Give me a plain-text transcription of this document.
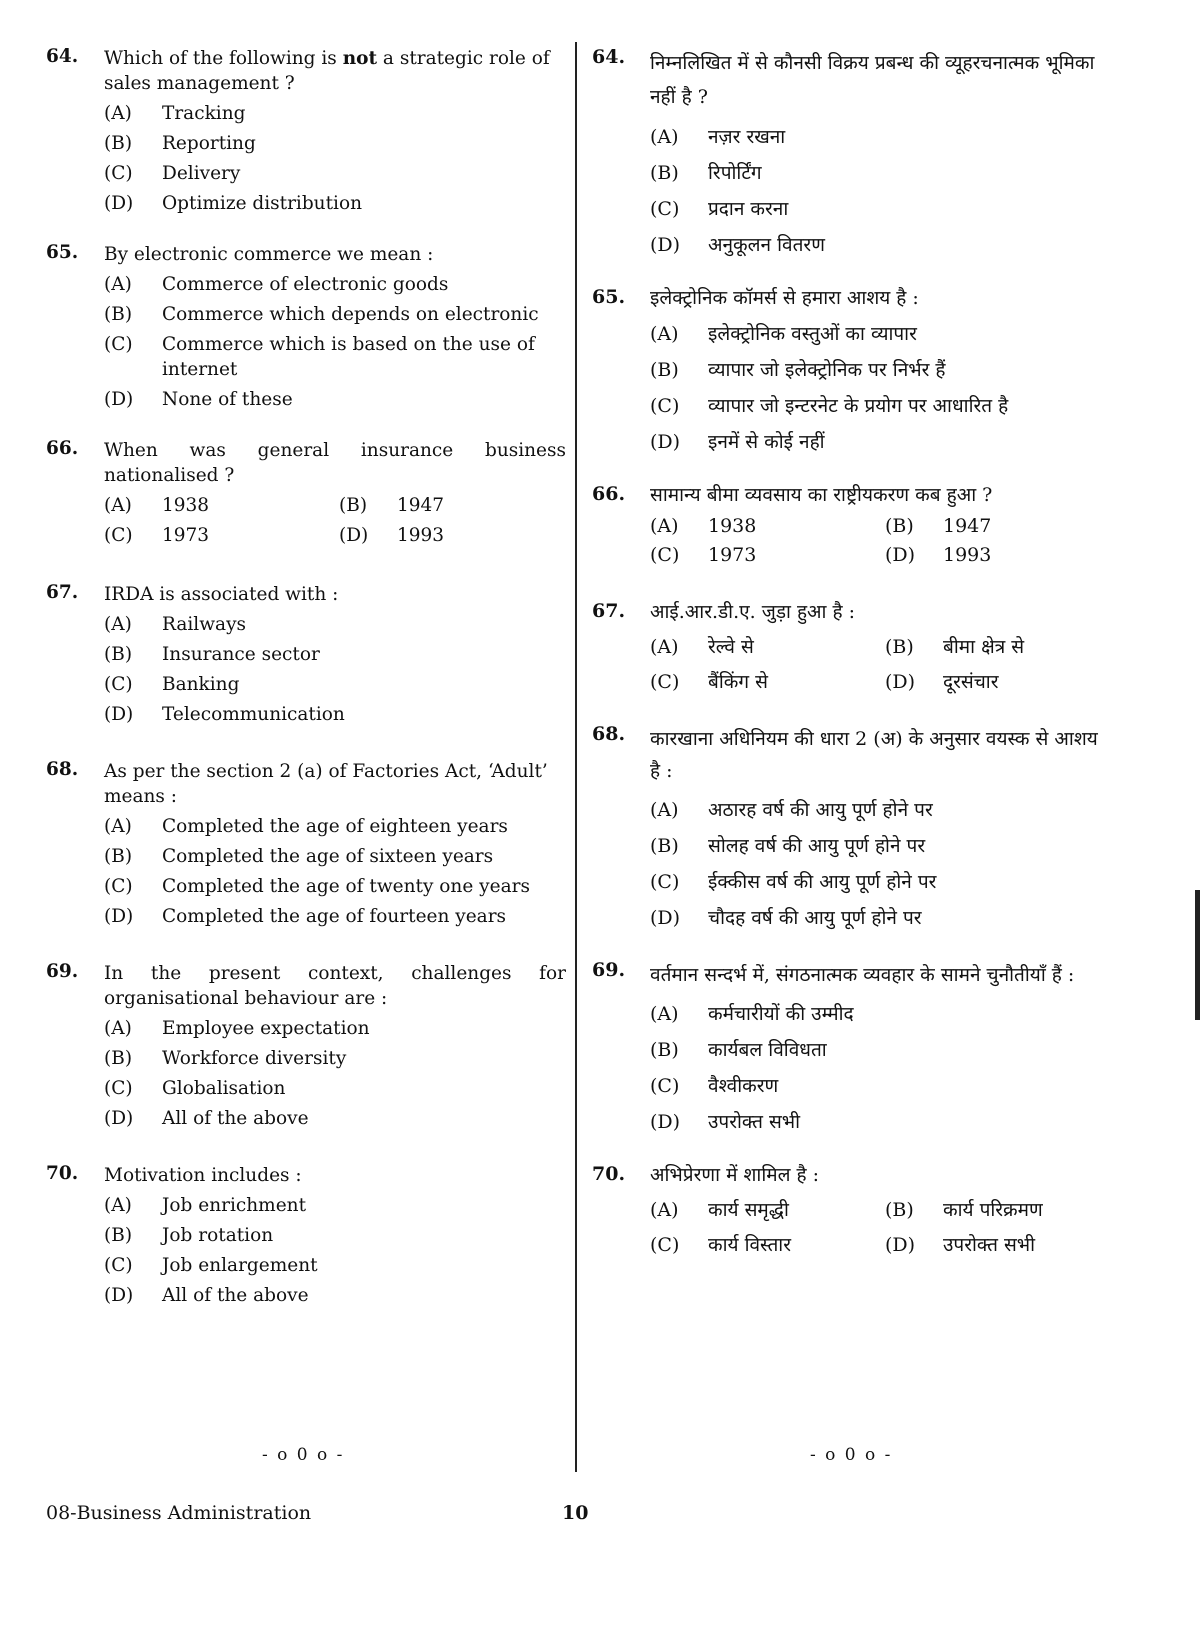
64.	Which of the following is not a strategic role of sales management ?
(A)	Tracking
(B)	Reporting
(C)	Delivery
(D)	Optimize distribution
65.	By electronic commerce we mean :
(A)	Commerce of electronic goods
(B)	Commerce which depends on electronic
(C)	Commerce which is based on the use of internet
(D)	None of these
66.	When was general insurance business nationalised ?
(A)	1938	(B)	1947
(C)	1973	(D)	1993
67.	IRDA is associated with :
(A)	Railways
(B)	Insurance sector
(C)	Banking
(D)	Telecommunication
68.	As per the section 2 (a) of Factories Act, ‘Adult’ means :
(A)	Completed the age of eighteen years
(B)	Completed the age of sixteen years
(C)	Completed the age of twenty one years
(D)	Completed the age of fourteen years
69.	In the present context, challenges for organisational behaviour are :
(A)	Employee expectation
(B)	Workforce diversity
(C)	Globalisation
(D)	All of the above
70.	Motivation includes :
(A)	Job enrichment
(B)	Job rotation
(C)	Job enlargement
(D)	All of the above
64.	निम्नलिखित में से कौनसी विक्रय प्रबन्ध की व्यूहरचनात्मक भूमिका नहीं है ?
(A)	नज़र रखना
(B)	रिपोर्टिंग
(C)	प्रदान करना
(D)	अनुकूलन वितरण
65.	इलेक्ट्रोनिक कॉमर्स से हमारा आशय है :
(A)	इलेक्ट्रोनिक वस्तुओं का व्यापार
(B)	व्यापार जो इलेक्ट्रोनिक पर निर्भर हैं
(C)	व्यापार जो इन्टरनेट के प्रयोग पर आधारित है
(D)	इनमें से कोई नहीं
66.	सामान्य बीमा व्यवसाय का राष्ट्रीयकरण कब हुआ ?
(A)	1938	(B)	1947
(C)	1973	(D)	1993
67.	आई.आर.डी.ए. जुड़ा हुआ है :
(A)	रेल्वे से	(B)	बीमा क्षेत्र से
(C)	बैंकिंग से	(D)	दूरसंचार
68.	कारखाना अधिनियम की धारा 2 (अ) के अनुसार वयस्क से आशय है :
(A)	अठारह वर्ष की आयु पूर्ण होने पर
(B)	सोलह वर्ष की आयु पूर्ण होने पर
(C)	ईक्कीस वर्ष की आयु पूर्ण होने पर
(D)	चौदह वर्ष की आयु पूर्ण होने पर
69.	वर्तमान सन्दर्भ में, संगठनात्मक व्यवहार के सामने चुनौतीयाँ हैं :
(A)	कर्मचारीयों की उम्मीद
(B)	कार्यबल विविधता
(C)	वैश्वीकरण
(D)	उपरोक्त सभी
70.	अभिप्रेरणा में शामिल है :
(A)	कार्य समृद्धी	(B)	कार्य परिक्रमण
(C)	कार्य विस्तार	(D)	उपरोक्त सभी
- o 0 o -	- o 0 o -
08-Business Administration	10
